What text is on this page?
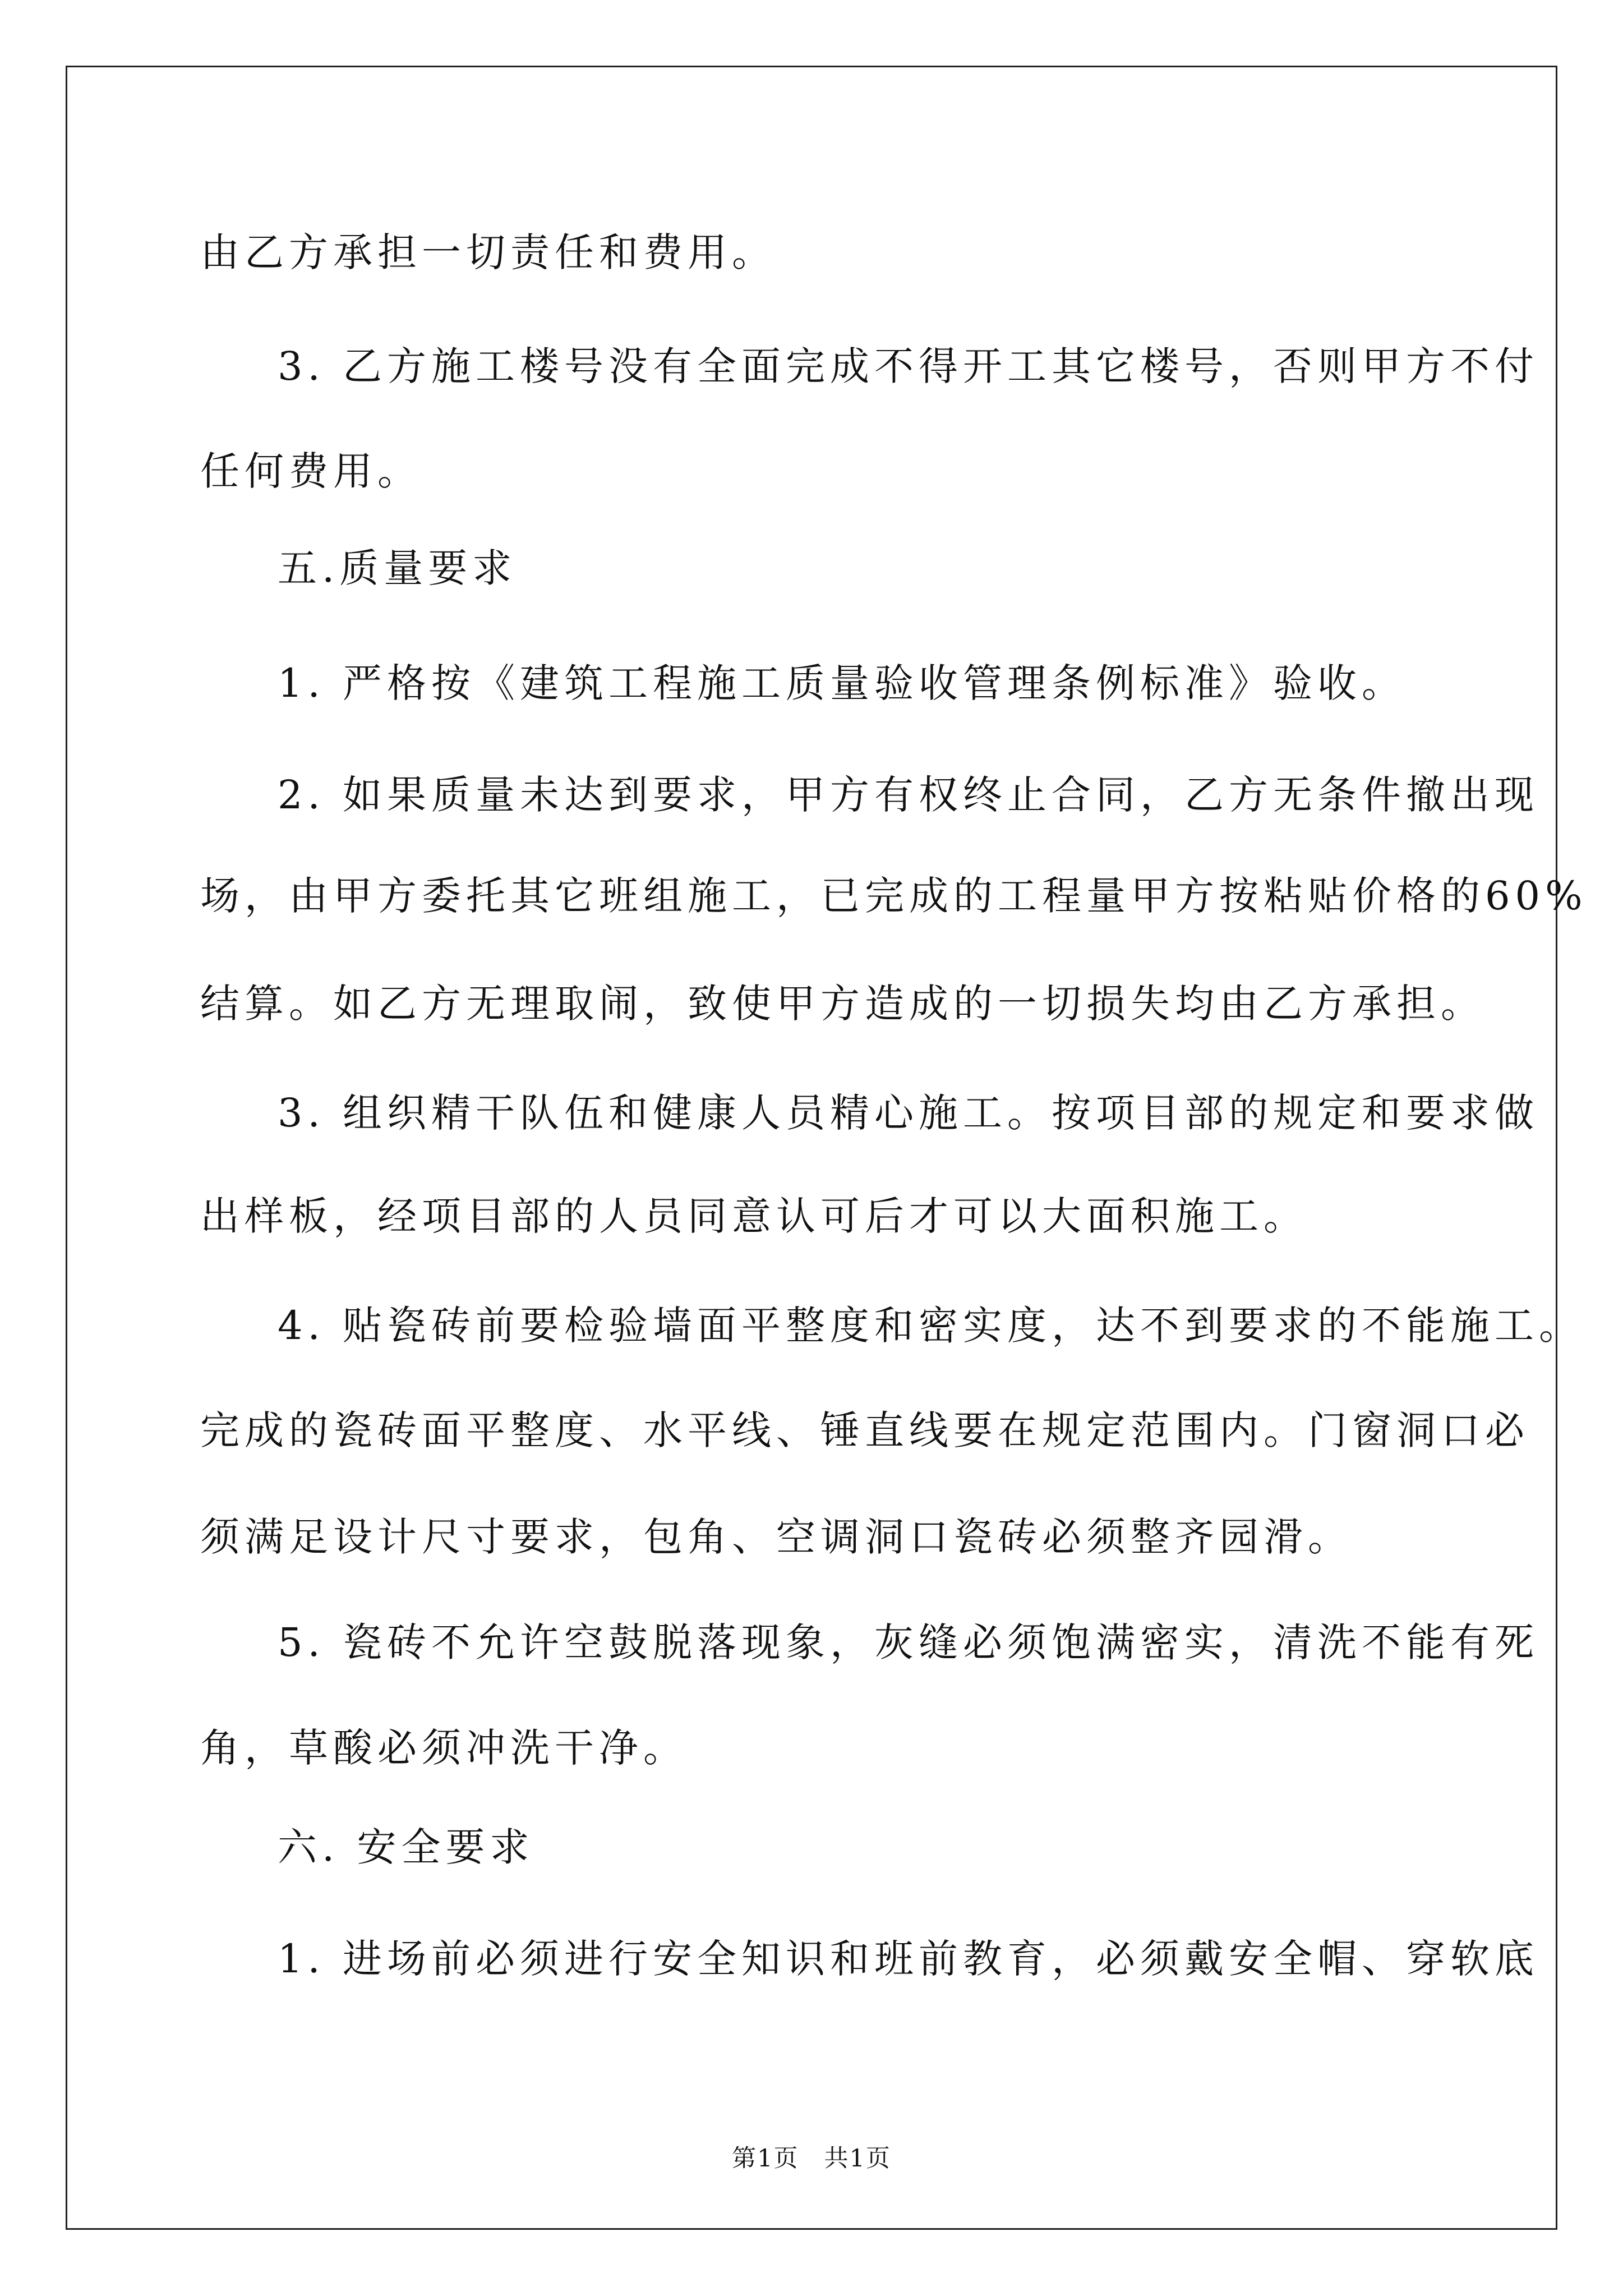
由乙方承担一切责任和费用。
3. 乙方施工楼号没有全面完成不得开工其它楼号，否则甲方不付
任何费用。
五.质量要求
1. 严格按《建筑工程施工质量验收管理条例标准》验收。
2. 如果质量未达到要求，甲方有权终止合同，乙方无条件撤出现
场，由甲方委托其它班组施工，已完成的工程量甲方按粘贴价格的60%
结算。如乙方无理取闹，致使甲方造成的一切损失均由乙方承担。
3. 组织精干队伍和健康人员精心施工。按项目部的规定和要求做
出样板，经项目部的人员同意认可后才可以大面积施工。
4. 贴瓷砖前要检验墙面平整度和密实度，达不到要求的不能施工。
完成的瓷砖面平整度、水平线、锤直线要在规定范围内。门窗洞口必
须满足设计尺寸要求，包角、空调洞口瓷砖必须整齐园滑。
5. 瓷砖不允许空鼓脱落现象，灰缝必须饱满密实，清洗不能有死
角，草酸必须冲洗干净。
六. 安全要求
1. 进场前必须进行安全知识和班前教育，必须戴安全帽、穿软底
第1页　共1页
